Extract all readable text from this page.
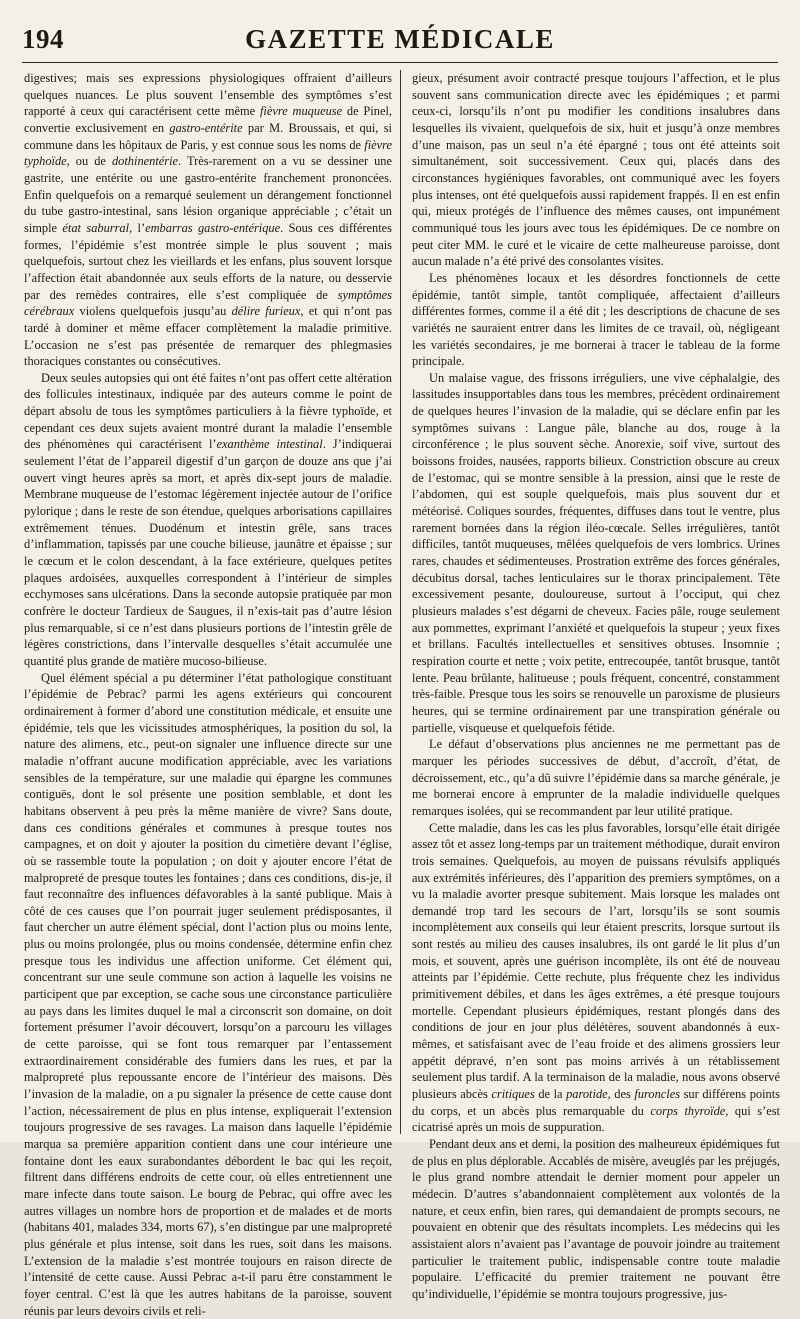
194	GAZETTE MÉDICALE

digestives; mais ses expressions physiologiques offraient d’ailleurs quelques nuances. Le plus souvent l’ensemble des symptômes s’est rapporté à ceux qui caractérisent cette même fièvre muqueuse de Pinel, convertie exclusivement en gastro-entérite par M. Broussais, et qui, si commune dans les hôpitaux de Paris, y est connue sous les noms de fièvre typhoïde, ou de dothinentérie. Très-rarement on a vu se dessiner une gastrite, une entérite ou une gastro-entérite franchement prononcées. Enfin quelquefois on a remarqué seulement un dérangement fonctionnel du tube gastro-intestinal, sans lésion organique appréciable ; c’était un simple état saburral, l’embarras gastro-entérique. Sous ces différentes formes, l’épidémie s’est montrée simple le plus souvent ; mais quelquefois, surtout chez les vieillards et les enfans, plus souvent lorsque l’affection était abandonnée aux seuls efforts de la nature, ou desservie par des remèdes contraires, elle s’est compliquée de symptômes cérébraux violens quelquefois jusqu’au délire furieux, et qui n’ont pas tardé à dominer et même effacer complètement la maladie primitive. L’occasion ne s’est pas présentée de remarquer des phlegmasies thoraciques constantes ou consécutives.

Deux seules autopsies qui ont été faites n’ont pas offert cette altération des follicules intestinaux, indiquée par des auteurs comme le point de départ absolu de tous les symptômes particuliers à la fièvre typhoïde, et cependant ces deux sujets avaient montré durant la maladie l’ensemble des phénomènes qui caractérisent l’exanthème intestinal. J’indiquerai seulement l’état de l’appareil digestif d’un garçon de douze ans que j’ai ouvert vingt heures après sa mort, et après dix-sept jours de maladie. Membrane muqueuse de l’estomac légèrement injectée autour de l’orifice pylorique ; dans le reste de son étendue, quelques arborisations capillaires extrêmement ténues. Duodénum et intestin grêle, sans traces d’inflammation, tapissés par une couche bilieuse, jaunâtre et épaisse ; sur le cœcum et le colon descendant, à la face extérieure, quelques petites plaques ardoisées, auxquelles correspondent à l’intérieur de simples ecchymoses sans ulcérations. Dans la seconde autopsie pratiquée par mon confrère le docteur Tardieux de Saugues, il n’exis-tait pas d’autre lésion plus remarquable, si ce n’est dans plusieurs portions de l’intestin grêle de légères constrictions, dans l’intervalle desquelles s’était accumulée une quantité plus grande de matière mucoso-bilieuse.

Quel élément spécial a pu déterminer l’état pathologique constituant l’épidémie de Pebrac? parmi les agens extérieurs qui concourent ordinairement à former d’abord une constitution médicale, et ensuite une épidémie, tels que les vicissitudes atmosphériques, la position du sol, la nature des alimens, etc., peut-on signaler une influence directe sur une maladie n’offrant aucune modification appréciable, avec les variations sensibles de la température, sur une maladie qui épargne les communes contiguës, dont le sol présente une position semblable, et dont les habitans observent à peu près la même manière de vivre? Sans doute, dans ces conditions générales et communes à presque toutes nos campagnes, et on doit y ajouter la position du cimetière devant l’église, où se rassemble toute la population ; on doit y ajouter encore l’état de malpropreté de presque toutes les fontaines ; dans ces conditions, dis-je, il faut reconnaître des influences défavorables à la santé publique. Mais à côté de ces causes que l’on pourrait juger seulement prédisposantes, il faut chercher un autre élément spécial, dont l’action plus ou moins lente, plus ou moins prolongée, plus ou moins condensée, détermine enfin chez presque tous les individus une affection uniforme. Cet élément qui, concentrant sur une seule commune son action à laquelle les voisins ne participent que par exception, se cache sous une circonstance particulière au pays dans les limites duquel le mal a circonscrit son domaine, on doit fortement présumer l’avoir découvert, lorsqu’on a parcouru les villages de cette paroisse, qui se font tous remarquer par l’entassement extraordinairement considérable des fumiers dans les rues, et par la malpropreté plus repoussante encore de l’intérieur des maisons. Dès l’invasion de la maladie, on a pu signaler la présence de cette cause dont l’action, nécessairement de plus en plus intense, expliquerait l’extension toujours progressive de ses ravages. La maison dans laquelle l’épidémie marqua sa première apparition contient dans une cour intérieure une fontaine dont les eaux surabondantes débordent le bac qui les reçoit, filtrent dans différens endroits de cette cour, où elles entretiennent une mare infecte dans toute saison. Le bourg de Pebrac, qui offre avec les autres villages un nombre hors de proportion et de malades et de morts (habitans 401, malades 334, morts 67), s’en distingue par une malpropreté plus générale et plus intense, soit dans les rues, soit dans les maisons. L’extension de la maladie s’est montrée toujours en raison directe de l’intensité de cette cause. Aussi Pebrac a-t-il paru être constamment le foyer central. C’est là que les autres habitans de la paroisse, souvent réunis par leurs devoirs civils et reli-

gieux, présument avoir contracté presque toujours l’affection, et le plus souvent sans communication directe avec les épidémiques ; et parmi ceux-ci, lorsqu’ils n’ont pu modifier les conditions insalubres dans lesquelles ils vivaient, quelquefois de six, huit et jusqu’à onze membres d’une maison, pas un seul n’a été épargné ; tous ont été atteints soit simultanément, soit successivement. Ceux qui, placés dans des circonstances hygiéniques favorables, ont communiqué avec les foyers plus intenses, ont été quelquefois aussi rapidement frappés. Il en est enfin qui, mieux protégés de l’influence des mêmes causes, ont impunément communiqué tous les jours avec tous les épidémiques. De ce nombre on peut citer MM. le curé et le vicaire de cette malheureuse paroisse, dont aucun malade n’a été privé des consolantes visites.

Les phénomènes locaux et les désordres fonctionnels de cette épidémie, tantôt simple, tantôt compliquée, affectaient d’ailleurs différentes formes, comme il a été dit ; les descriptions de chacune de ses variétés ne sauraient entrer dans les limites de ce travail, où, négligeant les variétés secondaires, je me bornerai à tracer le tableau de la forme principale.

Un malaise vague, des frissons irréguliers, une vive céphalalgie, des lassitudes insupportables dans tous les membres, précèdent ordinairement de quelques heures l’invasion de la maladie, qui se déclare enfin par les symptômes suivans : Langue pâle, blanche au dos, rouge à la circonférence ; le plus souvent sèche. Anorexie, soif vive, surtout des boissons froides, nausées, rapports bilieux. Constriction obscure au creux de l’estomac, qui se montre sensible à la pression, ainsi que le reste de l’abdomen, qui est souple quelquefois, mais plus souvent dur et météorisé. Coliques sourdes, fréquentes, diffuses dans tout le ventre, plus rarement bornées dans la région iléo-cœcale. Selles irrégulières, tantôt difficiles, tantôt muqueuses, mêlées quelquefois de vers lombrics. Urines rares, chaudes et sédimenteuses. Prostration extrême des forces générales, décubitus dorsal, taches lenticulaires sur le thorax principalement. Tête excessivement pesante, douloureuse, surtout à l’occiput, qui chez plusieurs malades s’est dégarni de cheveux. Facies pâle, rouge seulement aux pommettes, exprimant l’anxiété et quelquefois la stupeur ; yeux fixes et brillans. Facultés intellectuelles et sensitives obtuses. Insomnie ; respiration courte et nette ; voix petite, entrecoupée, tantôt brusque, tantôt lente. Peau brûlante, halitueuse ; pouls fréquent, concentré, constamment très-faible. Presque tous les soirs se renouvelle un paroxisme de plusieurs heures, qui se termine ordinairement par une transpiration générale ou partielle, visqueuse et quelquefois fétide.

Le défaut d’observations plus anciennes ne me permettant pas de marquer les périodes successives de début, d’accroît, d’état, de décroissement, etc., qu’a dû suivre l’épidémie dans sa marche générale, je me bornerai encore à emprunter de la maladie individuelle quelques remarques isolées, qui se recommandent par leur utilité pratique.

Cette maladie, dans les cas les plus favorables, lorsqu’elle était dirigée assez tôt et assez long-temps par un traitement méthodique, durait environ trois semaines. Quelquefois, au moyen de puissans révulsifs appliqués aux extrémités inférieures, dès l’apparition des premiers symptômes, on a vu la maladie avorter presque subitement. Mais lorsque les malades ont demandé trop tard les secours de l’art, lorsqu’ils se sont soumis incomplètement aux conseils qui leur étaient prescrits, lorsque surtout ils sont restés au milieu des causes insalubres, ils ont gardé le lit plus d’un mois, et souvent, après une guérison incomplète, ils ont été de nouveau atteints par l’épidémie. Cette rechute, plus fréquente chez les individus primitivement débiles, et dans les âges extrêmes, a été presque toujours mortelle. Cependant plusieurs épidémiques, restant plongés dans des conditions de jour en jour plus délétères, souvent abandonnés à eux-mêmes, et satisfaisant avec de l’eau froide et des alimens grossiers leur appétit dépravé, n’en sont pas moins arrivés à un rétablissement seulement plus tardif. A la terminaison de la maladie, nous avons observé plusieurs abcès critiques de la parotide, des furoncles sur différens points du corps, et un abcès plus remarquable du corps thyroïde, qui s’est cicatrisé après un mois de suppuration.

Pendant deux ans et demi, la position des malheureux épidémiques fut de plus en plus déplorable. Accablés de misère, aveuglés par les préjugés, le plus grand nombre attendait le dernier moment pour appeler un médecin. D’autres s’abandonnaient complètement aux volontés de la nature, et ceux enfin, bien rares, qui demandaient de prompts secours, ne pouvaient en obtenir que des résultats incomplets. Les médecins qui les assistaient alors n’avaient pas l’avantage de pouvoir joindre au traitement particulier le traitement public, indispensable contre toute maladie populaire. L’efficacité du premier traitement ne pouvant être qu’individuelle, l’épidémie se montra toujours progressive, jus-
